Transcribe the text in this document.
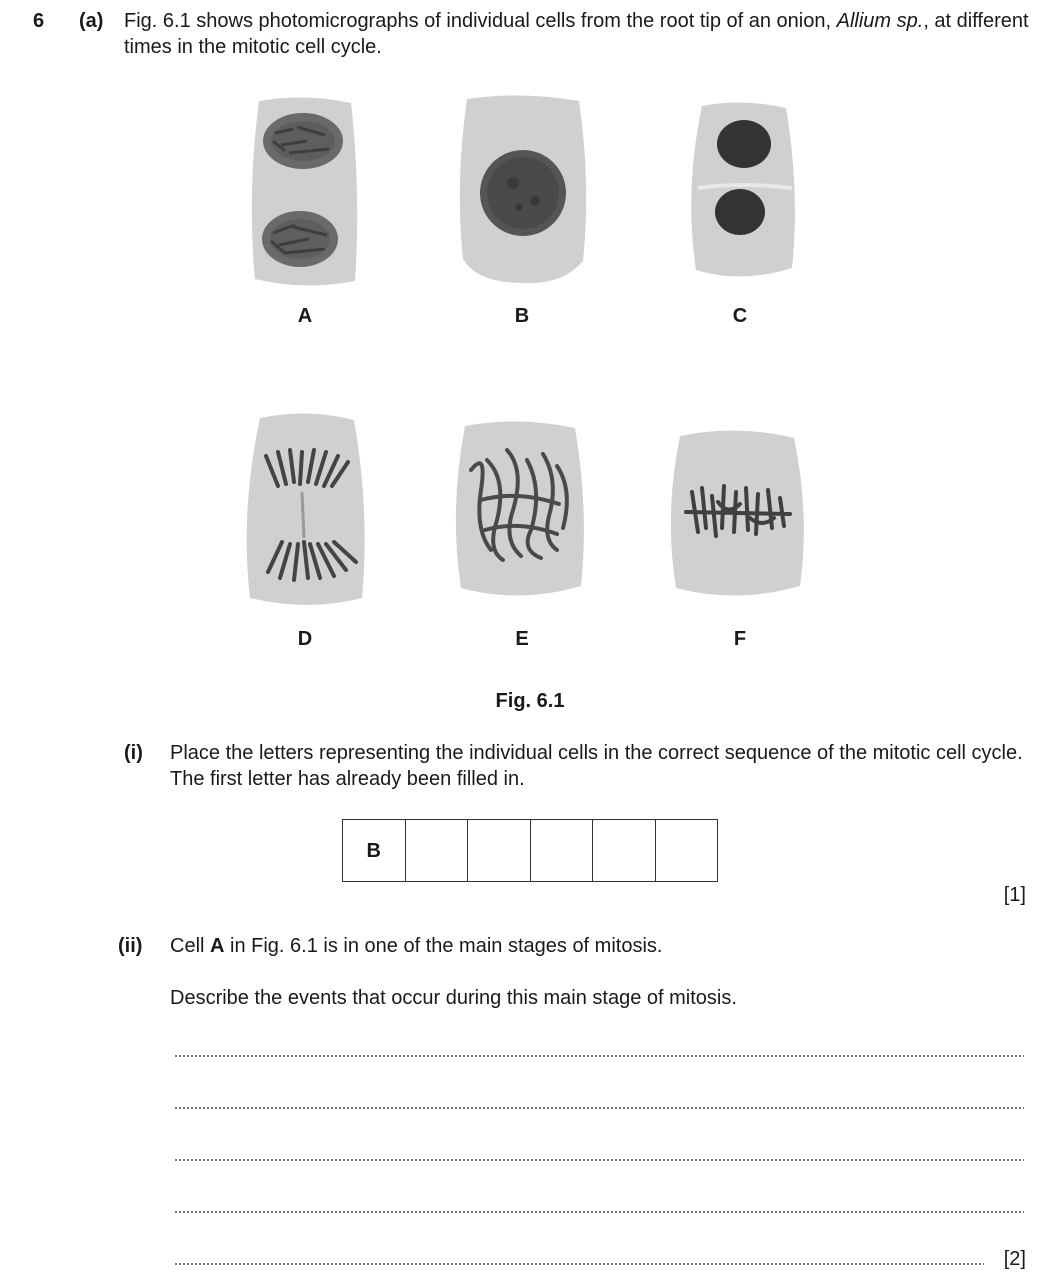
6 (a) Fig. 6.1 shows photomicrographs of individual cells from the root tip of an onion, Allium sp., at different times in the mitotic cell cycle.
A	B	C
D	E	F
Fig. 6.1
(i) Place the letters representing the individual cells in the correct sequence of the mitotic cell cycle. The first letter has already been filled in.
B					
[1]
(ii) Cell A in Fig. 6.1 is in one of the main stages of mitosis.
Describe the events that occur during this main stage of mitosis.
[2]
